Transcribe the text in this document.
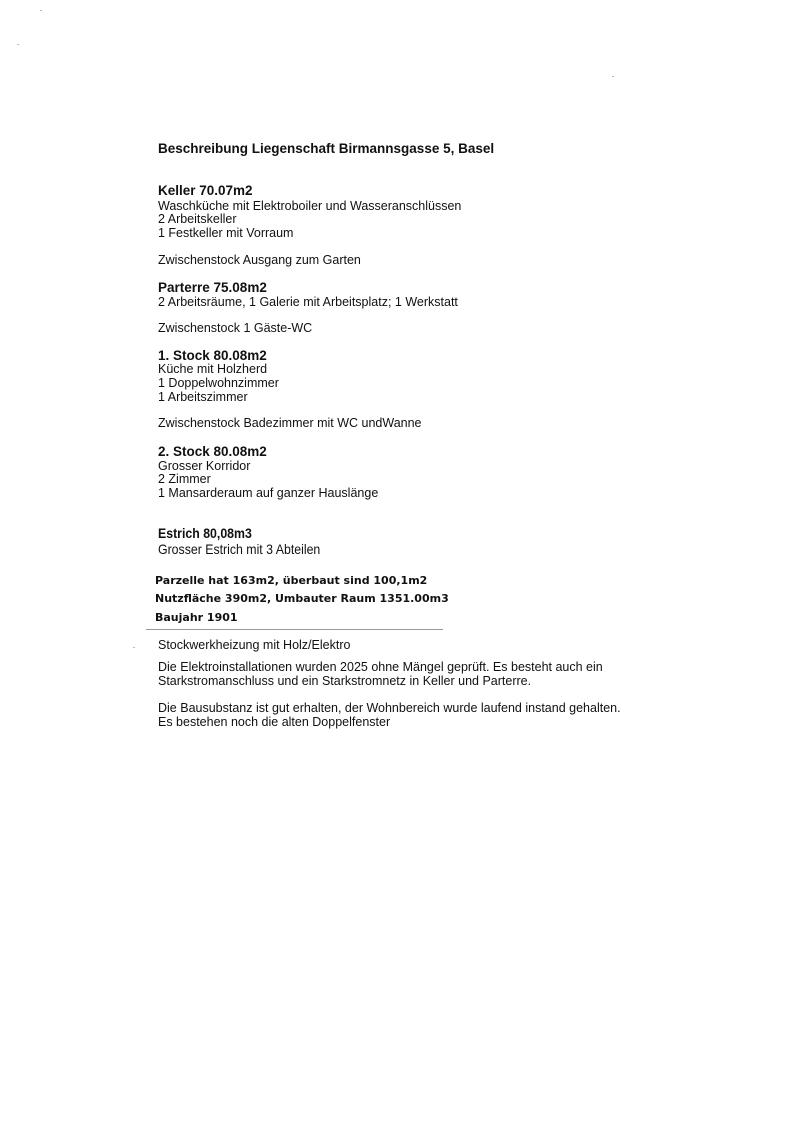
Beschreibung Liegenschaft Birmannsgasse 5, Basel
Keller 70.07m2
Waschküche mit Elektroboiler und Wasseranschlüssen
2 Arbeitskeller
1 Festkeller mit Vorraum
Zwischenstock Ausgang zum Garten
Parterre 75.08m2
2 Arbeitsräume, 1 Galerie mit Arbeitsplatz; 1 Werkstatt
Zwischenstock 1 Gäste-WC
1. Stock 80.08m2
Küche mit Holzherd
1 Doppelwohnzimmer
1 Arbeitszimmer
Zwischenstock Badezimmer mit WC undWanne
2. Stock 80.08m2
Grosser Korridor
2 Zimmer
1 Mansarderaum auf ganzer Hauslänge
Estrich 80,08m3
Grosser Estrich mit 3 Abteilen
Parzelle hat 163m2, überbaut sind 100,1m2
Nutzfläche 390m2, Umbauter Raum 1351.00m3
Baujahr 1901
Stockwerkheizung mit Holz/Elektro
Die Elektroinstallationen wurden 2025 ohne Mängel geprüft. Es besteht auch ein
Starkstromanschluss und ein Starkstromnetz in Keller und Parterre.
Die Bausubstanz ist gut erhalten, der Wohnbereich wurde laufend instand gehalten.
Es bestehen noch die alten Doppelfenster
